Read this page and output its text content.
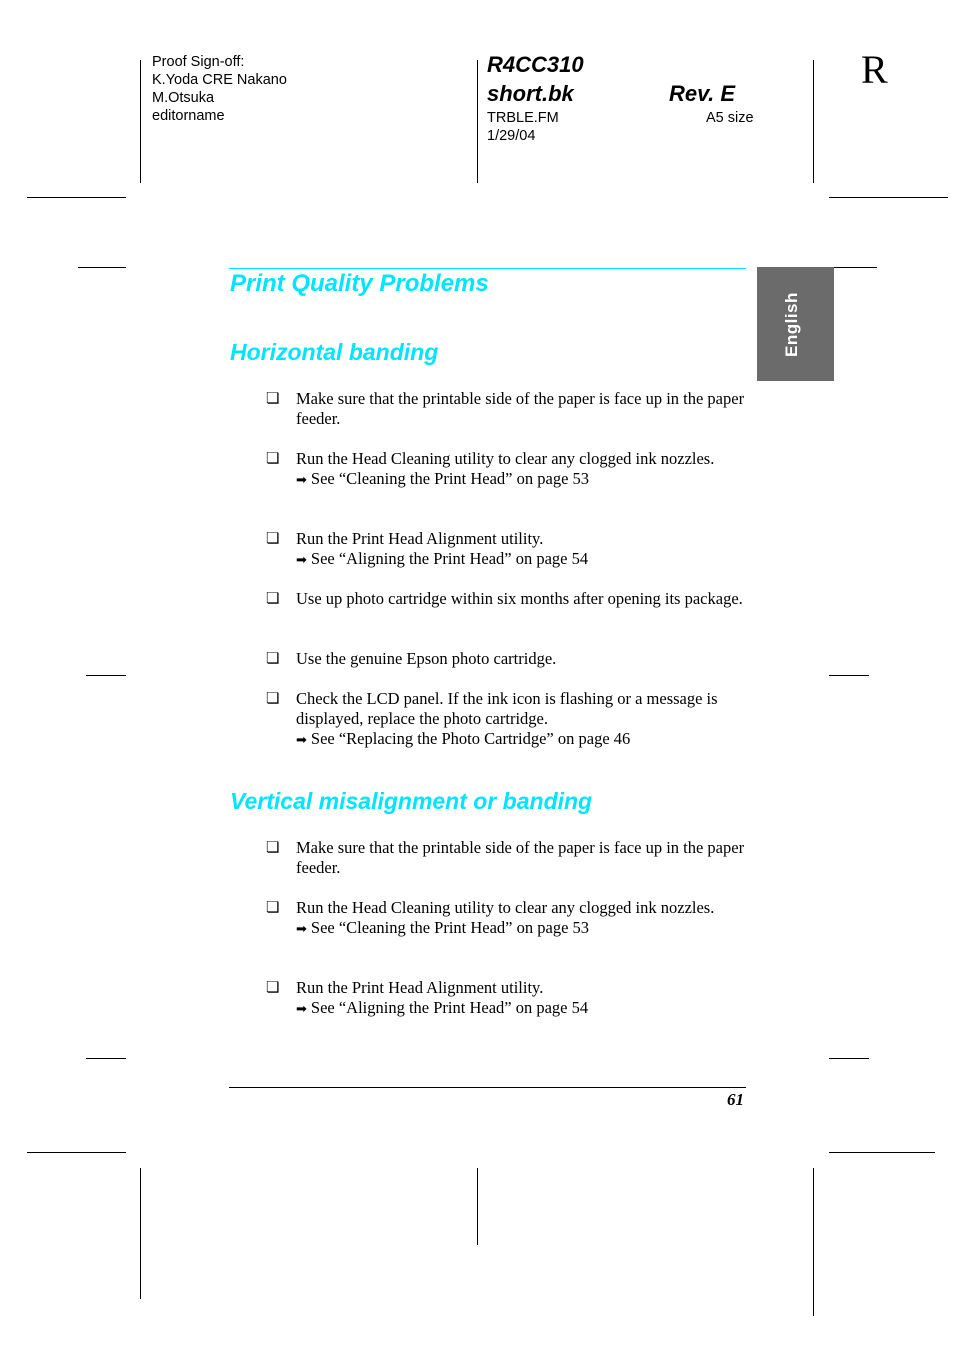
Proof Sign-off:
K.Yoda CRE Nakano
M.Otsuka
editorname
R4CC310
short.bk	Rev. E
TRBLE.FM
1/29/04
A5 size
R
English
Print Quality Problems
Horizontal banding
❏ Make sure that the printable side of the paper is face up in the paper feeder.
❏ Run the Head Cleaning utility to clear any clogged ink nozzles.
➡ See “Cleaning the Print Head” on page 53
❏ Run the Print Head Alignment utility.
➡ See “Aligning the Print Head” on page 54
❏ Use up photo cartridge within six months after opening its package.
❏ Use the genuine Epson photo cartridge.
❏ Check the LCD panel. If the ink icon is flashing or a message is displayed, replace the photo cartridge.
➡ See “Replacing the Photo Cartridge” on page 46
Vertical misalignment or banding
❏ Make sure that the printable side of the paper is face up in the paper feeder.
❏ Run the Head Cleaning utility to clear any clogged ink nozzles.
➡ See “Cleaning the Print Head” on page 53
❏ Run the Print Head Alignment utility.
➡ See “Aligning the Print Head” on page 54
61
